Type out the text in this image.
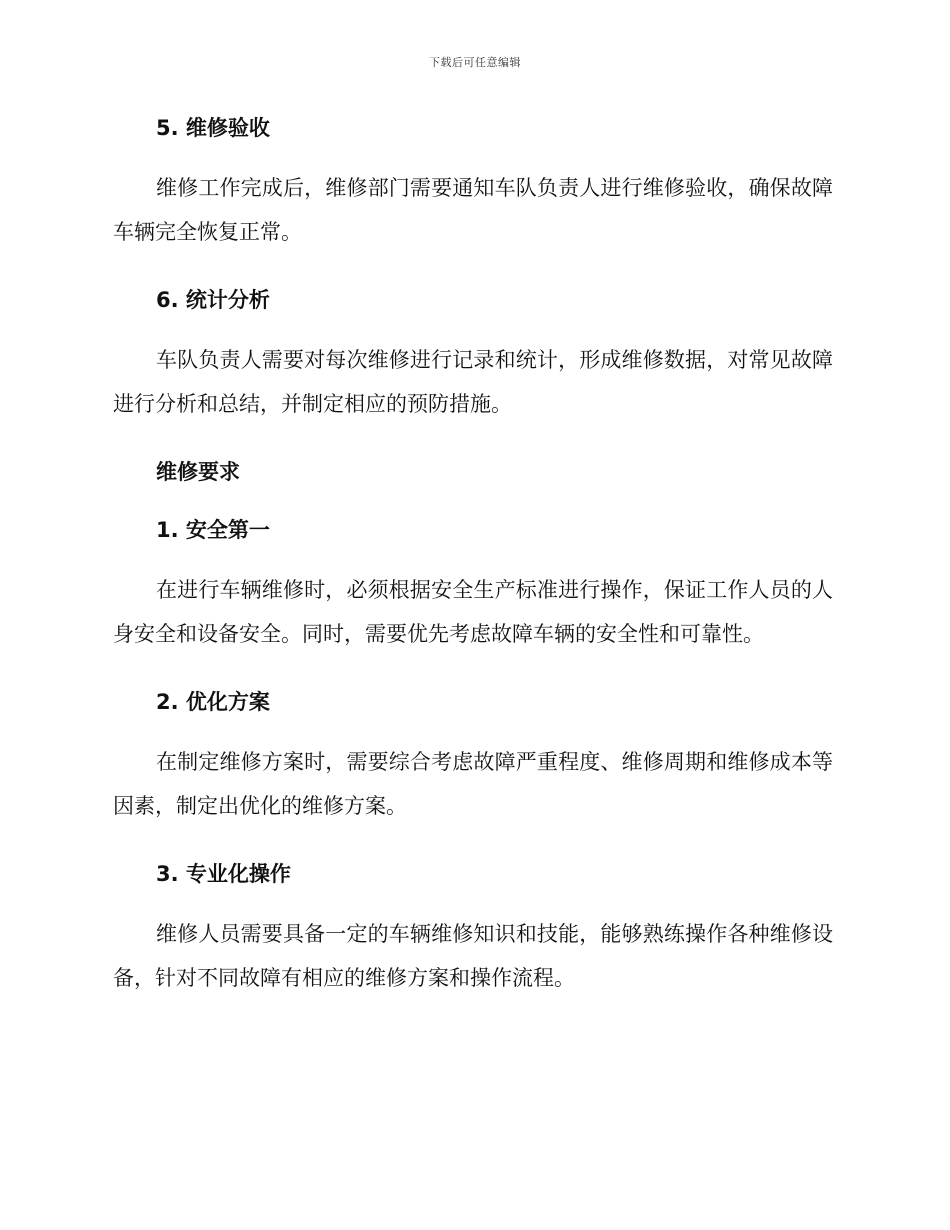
下载后可任意编辑
5. 维修验收

维修工作完成后，维修部门需要通知车队负责人进行维修验收，确保故障车辆完全恢复正常。

6. 统计分析

车队负责人需要对每次维修进行记录和统计，形成维修数据，对常见故障进行分析和总结，并制定相应的预防措施。

维修要求
1. 安全第一

在进行车辆维修时，必须根据安全生产标准进行操作，保证工作人员的人身安全和设备安全。同时，需要优先考虑故障车辆的安全性和可靠性。

2. 优化方案

在制定维修方案时，需要综合考虑故障严重程度、维修周期和维修成本等因素，制定出优化的维修方案。

3. 专业化操作

维修人员需要具备一定的车辆维修知识和技能，能够熟练操作各种维修设备，针对不同故障有相应的维修方案和操作流程。
